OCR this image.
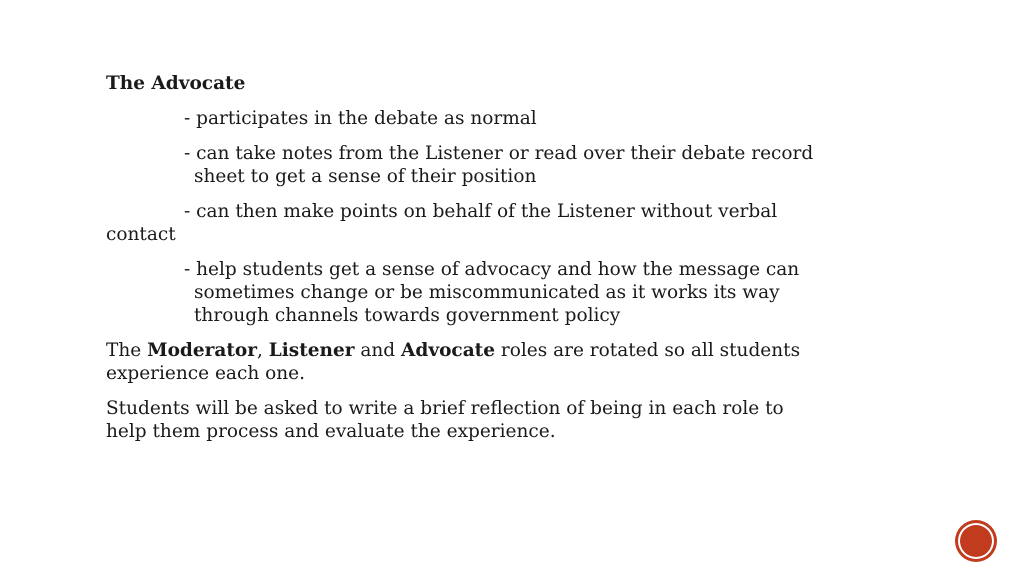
The Advocate

- participates in the debate as normal

- can take notes from the Listener or read over their debate record sheet to get a sense of their position

- can then make points on behalf of the Listener without verbal
contact

- help students get a sense of advocacy and how the message can sometimes change or be miscommunicated as it works its way through channels towards government policy

The Moderator, Listener and Advocate roles are rotated so all students experience each one.

Students will be asked to write a brief reflection of being in each role to help them process and evaluate the experience.
